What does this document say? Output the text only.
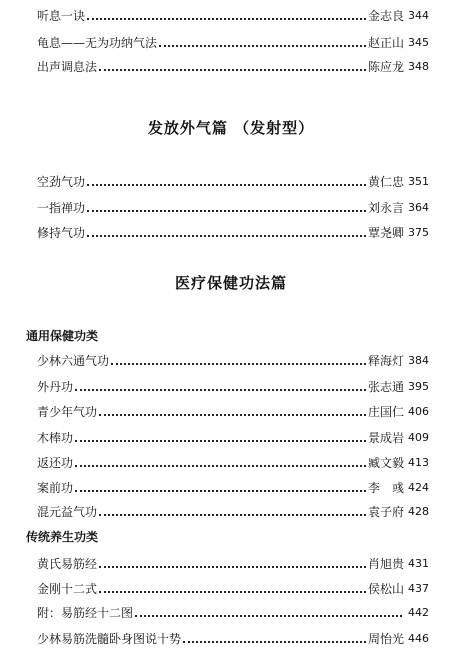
听息一诀	金志良 344
龟息——无为功纳气法	赵正山 345
出声调息法	陈应龙 348
发放外气篇 （发射型）
空劲气功	黄仁忠 351
一指禅功	刘永言 364
修持气功	覃尧卿 375
医疗保健功法篇
通用保健功类
少林六通气功	释海灯 384
外丹功	张志通 395
青少年气功	庄国仁 406
木棒功	景成岩 409
返还功	臧文毅 413
案前功	李　彧 424
混元益气功	袁子府 428
传统养生功类
黄氏易筋经	肖旭贵 431
金刚十二式	侯松山 437
附：易筋经十二图	442
少林易筋洗髓卧身图说十势	周怡光 446
